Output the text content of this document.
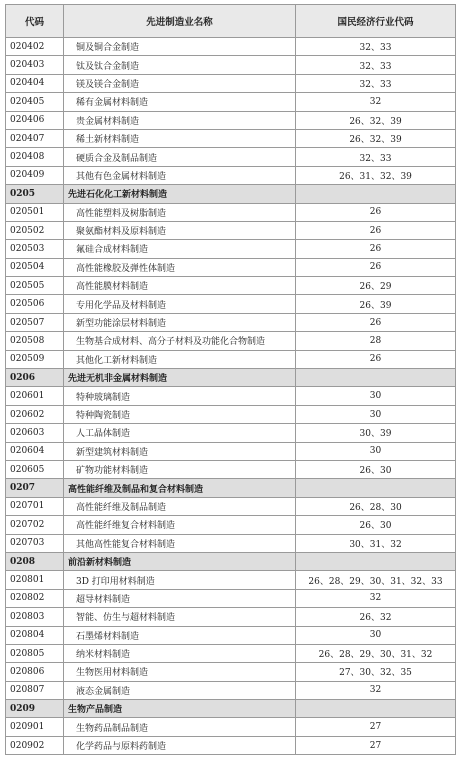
代码	先进制造业名称	国民经济行业代码
020402	铜及铜合金制造	32、33
020403	钛及钛合金制造	32、33
020404	镁及镁合金制造	32、33
020405	稀有金属材料制造	32
020406	贵金属材料制造	26、32、39
020407	稀土新材料制造	26、32、39
020408	硬质合金及制品制造	32、33
020409	其他有色金属材料制造	26、31、32、39
0205	先进石化化工新材料制造	
020501	高性能塑料及树脂制造	26
020502	聚氨酯材料及原料制造	26
020503	氟硅合成材料制造	26
020504	高性能橡胶及弹性体制造	26
020505	高性能膜材料制造	26、29
020506	专用化学品及材料制造	26、39
020507	新型功能涂层材料制造	26
020508	生物基合成材料、高分子材料及功能化合物制造	28
020509	其他化工新材料制造	26
0206	先进无机非金属材料制造	
020601	特种玻璃制造	30
020602	特种陶瓷制造	30
020603	人工晶体制造	30、39
020604	新型建筑材料制造	30
020605	矿物功能材料制造	26、30
0207	高性能纤维及制品和复合材料制造	
020701	高性能纤维及制品制造	26、28、30
020702	高性能纤维复合材料制造	26、30
020703	其他高性能复合材料制造	30、31、32
0208	前沿新材料制造	
020801	3D 打印用材料制造	26、28、29、30、31、32、33
020802	超导材料制造	32
020803	智能、仿生与超材料制造	26、32
020804	石墨烯材料制造	30
020805	纳米材料制造	26、28、29、30、31、32
020806	生物医用材料制造	27、30、32、35
020807	液态金属制造	32
0209	生物产品制造	
020901	生物药品制品制造	27
020902	化学药品与原料药制造	27
